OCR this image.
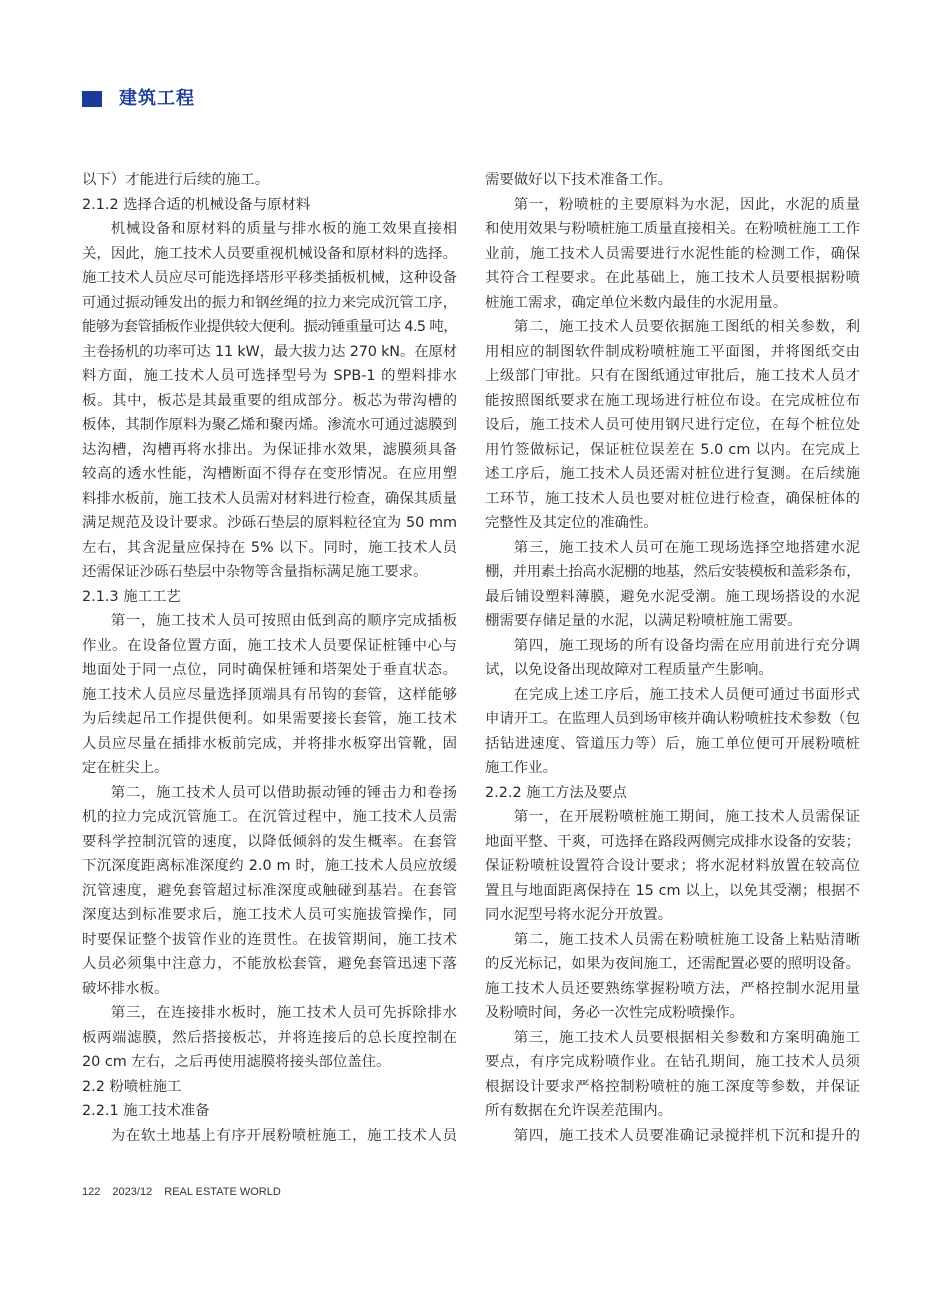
建筑工程
以下）才能进行后续的施工。
2.1.2 选择合适的机械设备与原材料
机械设备和原材料的质量与排水板的施工效果直接相
关，因此，施工技术人员要重视机械设备和原材料的选择。
施工技术人员应尽可能选择塔形平移类插板机械，这种设备
可通过振动锤发出的振力和钢丝绳的拉力来完成沉管工序，
能够为套管插板作业提供较大便利。振动锤重量可达 4.5 吨，
主卷扬机的功率可达 11 kW，最大拔力达 270 kN。在原材
料方面，施工技术人员可选择型号为 SPB-1 的塑料排水
板。其中，板芯是其最重要的组成部分。板芯为带沟槽的
板体，其制作原料为聚乙烯和聚丙烯。渗流水可通过滤膜到
达沟槽，沟槽再将水排出。为保证排水效果，滤膜须具备
较高的透水性能，沟槽断面不得存在变形情况。在应用塑
料排水板前，施工技术人员需对材料进行检查，确保其质量
满足规范及设计要求。沙砾石垫层的原料粒径宜为 50 mm
左右，其含泥量应保持在 5% 以下。同时，施工技术人员
还需保证沙砾石垫层中杂物等含量指标满足施工要求。
2.1.3 施工工艺
第一，施工技术人员可按照由低到高的顺序完成插板
作业。在设备位置方面，施工技术人员要保证桩锤中心与
地面处于同一点位，同时确保桩锤和塔架处于垂直状态。
施工技术人员应尽量选择顶端具有吊钩的套管，这样能够
为后续起吊工作提供便利。如果需要接长套管，施工技术
人员应尽量在插排水板前完成，并将排水板穿出管靴，固
定在桩尖上。
第二，施工技术人员可以借助振动锤的锤击力和卷扬
机的拉力完成沉管施工。在沉管过程中，施工技术人员需
要科学控制沉管的速度，以降低倾斜的发生概率。在套管
下沉深度距离标准深度约 2.0 m 时，施工技术人员应放缓
沉管速度，避免套管超过标准深度或触碰到基岩。在套管
深度达到标准要求后，施工技术人员可实施拔管操作，同
时要保证整个拔管作业的连贯性。在拔管期间，施工技术
人员必须集中注意力，不能放松套管，避免套管迅速下落
破坏排水板。
第三，在连接排水板时，施工技术人员可先拆除排水
板两端滤膜，然后搭接板芯，并将连接后的总长度控制在
20 cm 左右，之后再使用滤膜将接头部位盖住。
2.2 粉喷桩施工
2.2.1 施工技术准备
为在软土地基上有序开展粉喷桩施工，施工技术人员
需要做好以下技术准备工作。
第一，粉喷桩的主要原料为水泥，因此，水泥的质量
和使用效果与粉喷桩施工质量直接相关。在粉喷桩施工工作
业前，施工技术人员需要进行水泥性能的检测工作，确保
其符合工程要求。在此基础上，施工技术人员要根据粉喷
桩施工需求，确定单位米数内最佳的水泥用量。
第二，施工技术人员要依据施工图纸的相关参数，利
用相应的制图软件制成粉喷桩施工平面图，并将图纸交由
上级部门审批。只有在图纸通过审批后，施工技术人员才
能按照图纸要求在施工现场进行桩位布设。在完成桩位布
设后，施工技术人员可使用钢尺进行定位，在每个桩位处
用竹签做标记，保证桩位误差在 5.0 cm 以内。在完成上
述工序后，施工技术人员还需对桩位进行复测。在后续施
工环节，施工技术人员也要对桩位进行检查，确保桩体的
完整性及其定位的准确性。
第三，施工技术人员可在施工现场选择空地搭建水泥
棚，并用素土抬高水泥棚的地基，然后安装模板和盖彩条布，
最后铺设塑料薄膜，避免水泥受潮。施工现场搭设的水泥
棚需要存储足量的水泥，以满足粉喷桩施工需要。
第四，施工现场的所有设备均需在应用前进行充分调
试，以免设备出现故障对工程质量产生影响。
在完成上述工序后，施工技术人员便可通过书面形式
申请开工。在监理人员到场审核并确认粉喷桩技术参数（包
括钻进速度、管道压力等）后，施工单位便可开展粉喷桩
施工作业。
2.2.2 施工方法及要点
第一，在开展粉喷桩施工期间，施工技术人员需保证
地面平整、干爽，可选择在路段两侧完成排水设备的安装；
保证粉喷桩设置符合设计要求；将水泥材料放置在较高位
置且与地面距离保持在 15 cm 以上，以免其受潮；根据不
同水泥型号将水泥分开放置。
第二，施工技术人员需在粉喷桩施工设备上粘贴清晰
的反光标记，如果为夜间施工，还需配置必要的照明设备。
施工技术人员还要熟练掌握粉喷方法，严格控制水泥用量
及粉喷时间，务必一次性完成粉喷操作。
第三，施工技术人员要根据相关参数和方案明确施工
要点，有序完成粉喷作业。在钻孔期间，施工技术人员须
根据设计要求严格控制粉喷桩的施工深度等参数，并保证
所有数据在允许误差范围内。
第四，施工技术人员要准确记录搅拌机下沉和提升的
122 2023/12 REAL ESTATE WORLD
